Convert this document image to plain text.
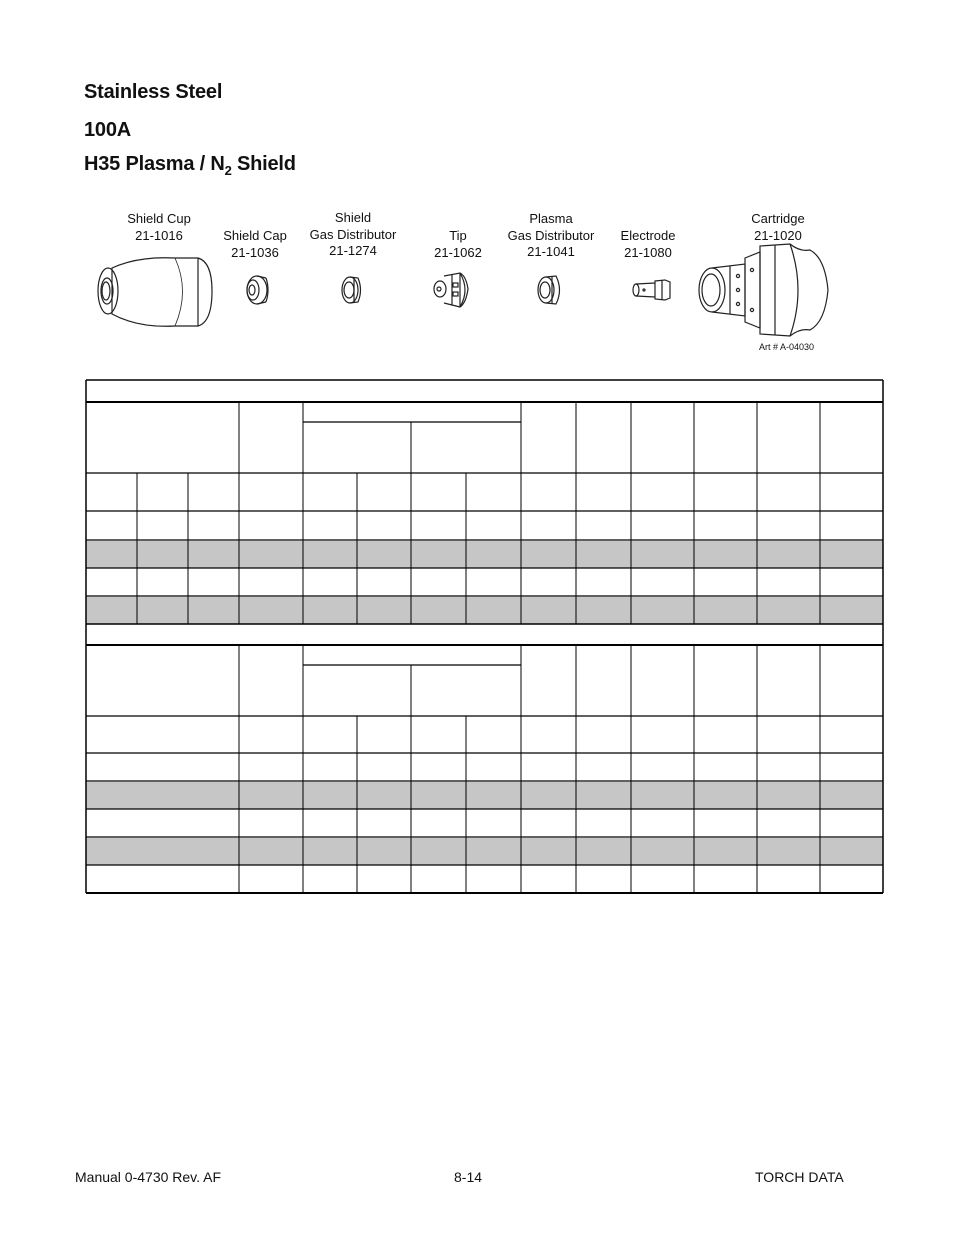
Stainless Steel
100A
H35 Plasma / $N_2$ Shield
Shield Cup
21-1016	Shield Cap
21-1036
Shield
Gas Distributor
21-1274
Tip
21-1062
Plasma
Gas Distributor
21-1041
Electrode
21-1080
Cartridge
21-1020
Art # A-04030
Manual 0-4730 Rev. AF	8-14	TORCH DATA
